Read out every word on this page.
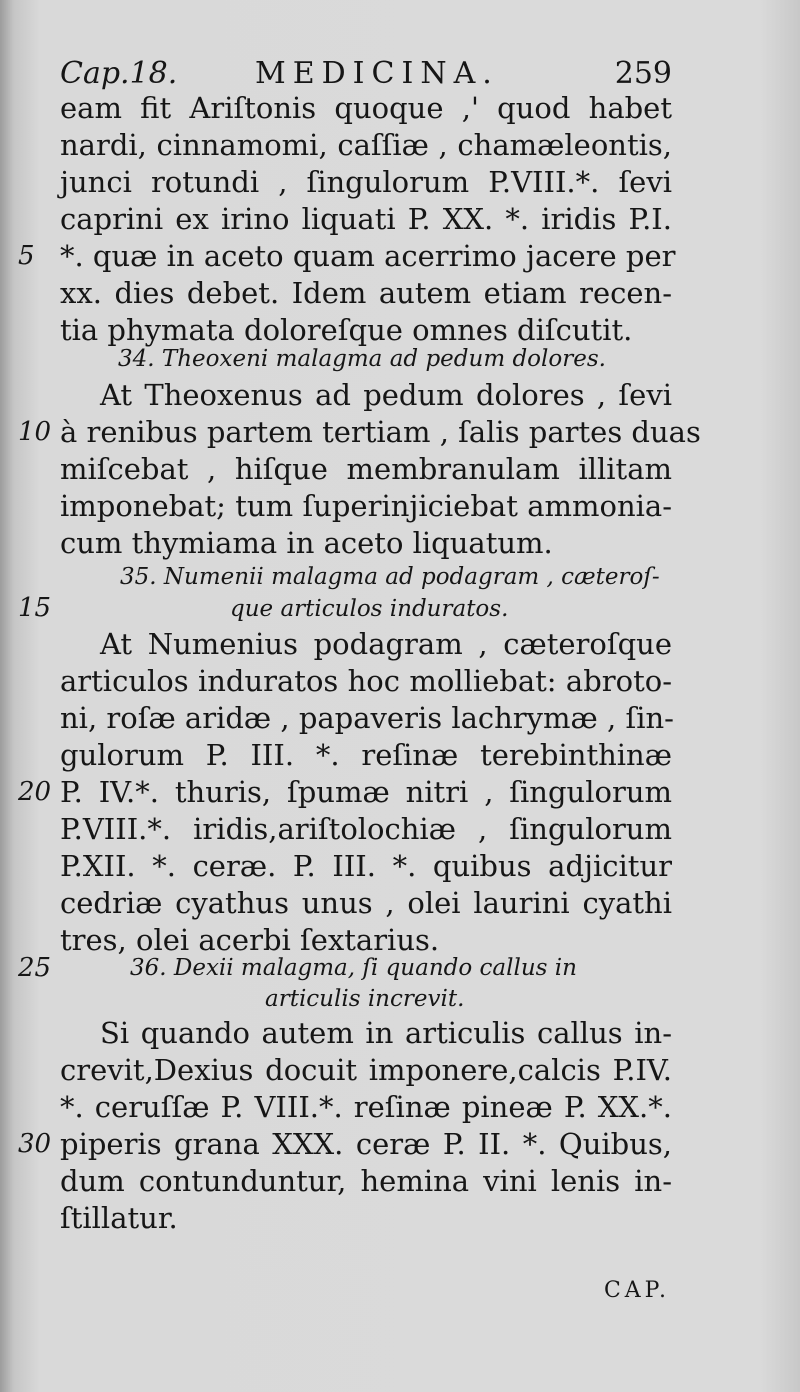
Cap.18.	MEDICINA.	259
eam fit Ariſtonis quoque ,' quod habet
nardi, cinnamomi, caſſiæ , chamæleontis,
junci rotundi , ſingulorum P.VIII.*. ſevi
caprini ex irino liquati P. XX. *. iridis P.I.
*. quæ in aceto quam acerrimo jacere per
xx. dies debet. Idem autem etiam recen-
tia phymata doloreſque omnes diſcutit.
34. Theoxeni malagma ad pedum dolores.
At Theoxenus ad pedum dolores , ſevi
à renibus partem tertiam , ſalis partes duas
miſcebat , hiſque membranulam illitam
imponebat; tum ſuperinjiciebat ammonia-
cum thymiama in aceto liquatum.
35. Numenii malagma ad podagram , cæteroſ-
que articulos induratos.
At Numenius podagram , cæteroſque
articulos induratos hoc molliebat: abroto-
ni, roſæ aridæ , papaveris lachrymæ , ſin-
gulorum P. III. *. reſinæ terebinthinæ
P. IV.*. thuris, ſpumæ nitri , ſingulorum
P.VIII.*. iridis,ariſtolochiæ , ſingulorum
P.XII. *. ceræ. P. III. *. quibus adjicitur
cedriæ cyathus unus , olei laurini cyathi
tres, olei acerbi ſextarius.
36. Dexii malagma, ſi quando callus in
articulis increvit.
Si quando autem in articulis callus in-
crevit,Dexius docuit imponere,calcis P.IV.
*. ceruſſæ P. VIII.*. reſinæ pineæ P. XX.*.
piperis grana XXX. ceræ P. II. *. Quibus,
dum contunduntur, hemina vini lenis in-
ſtillatur.
5
10
15
20
25
30
CAP.
